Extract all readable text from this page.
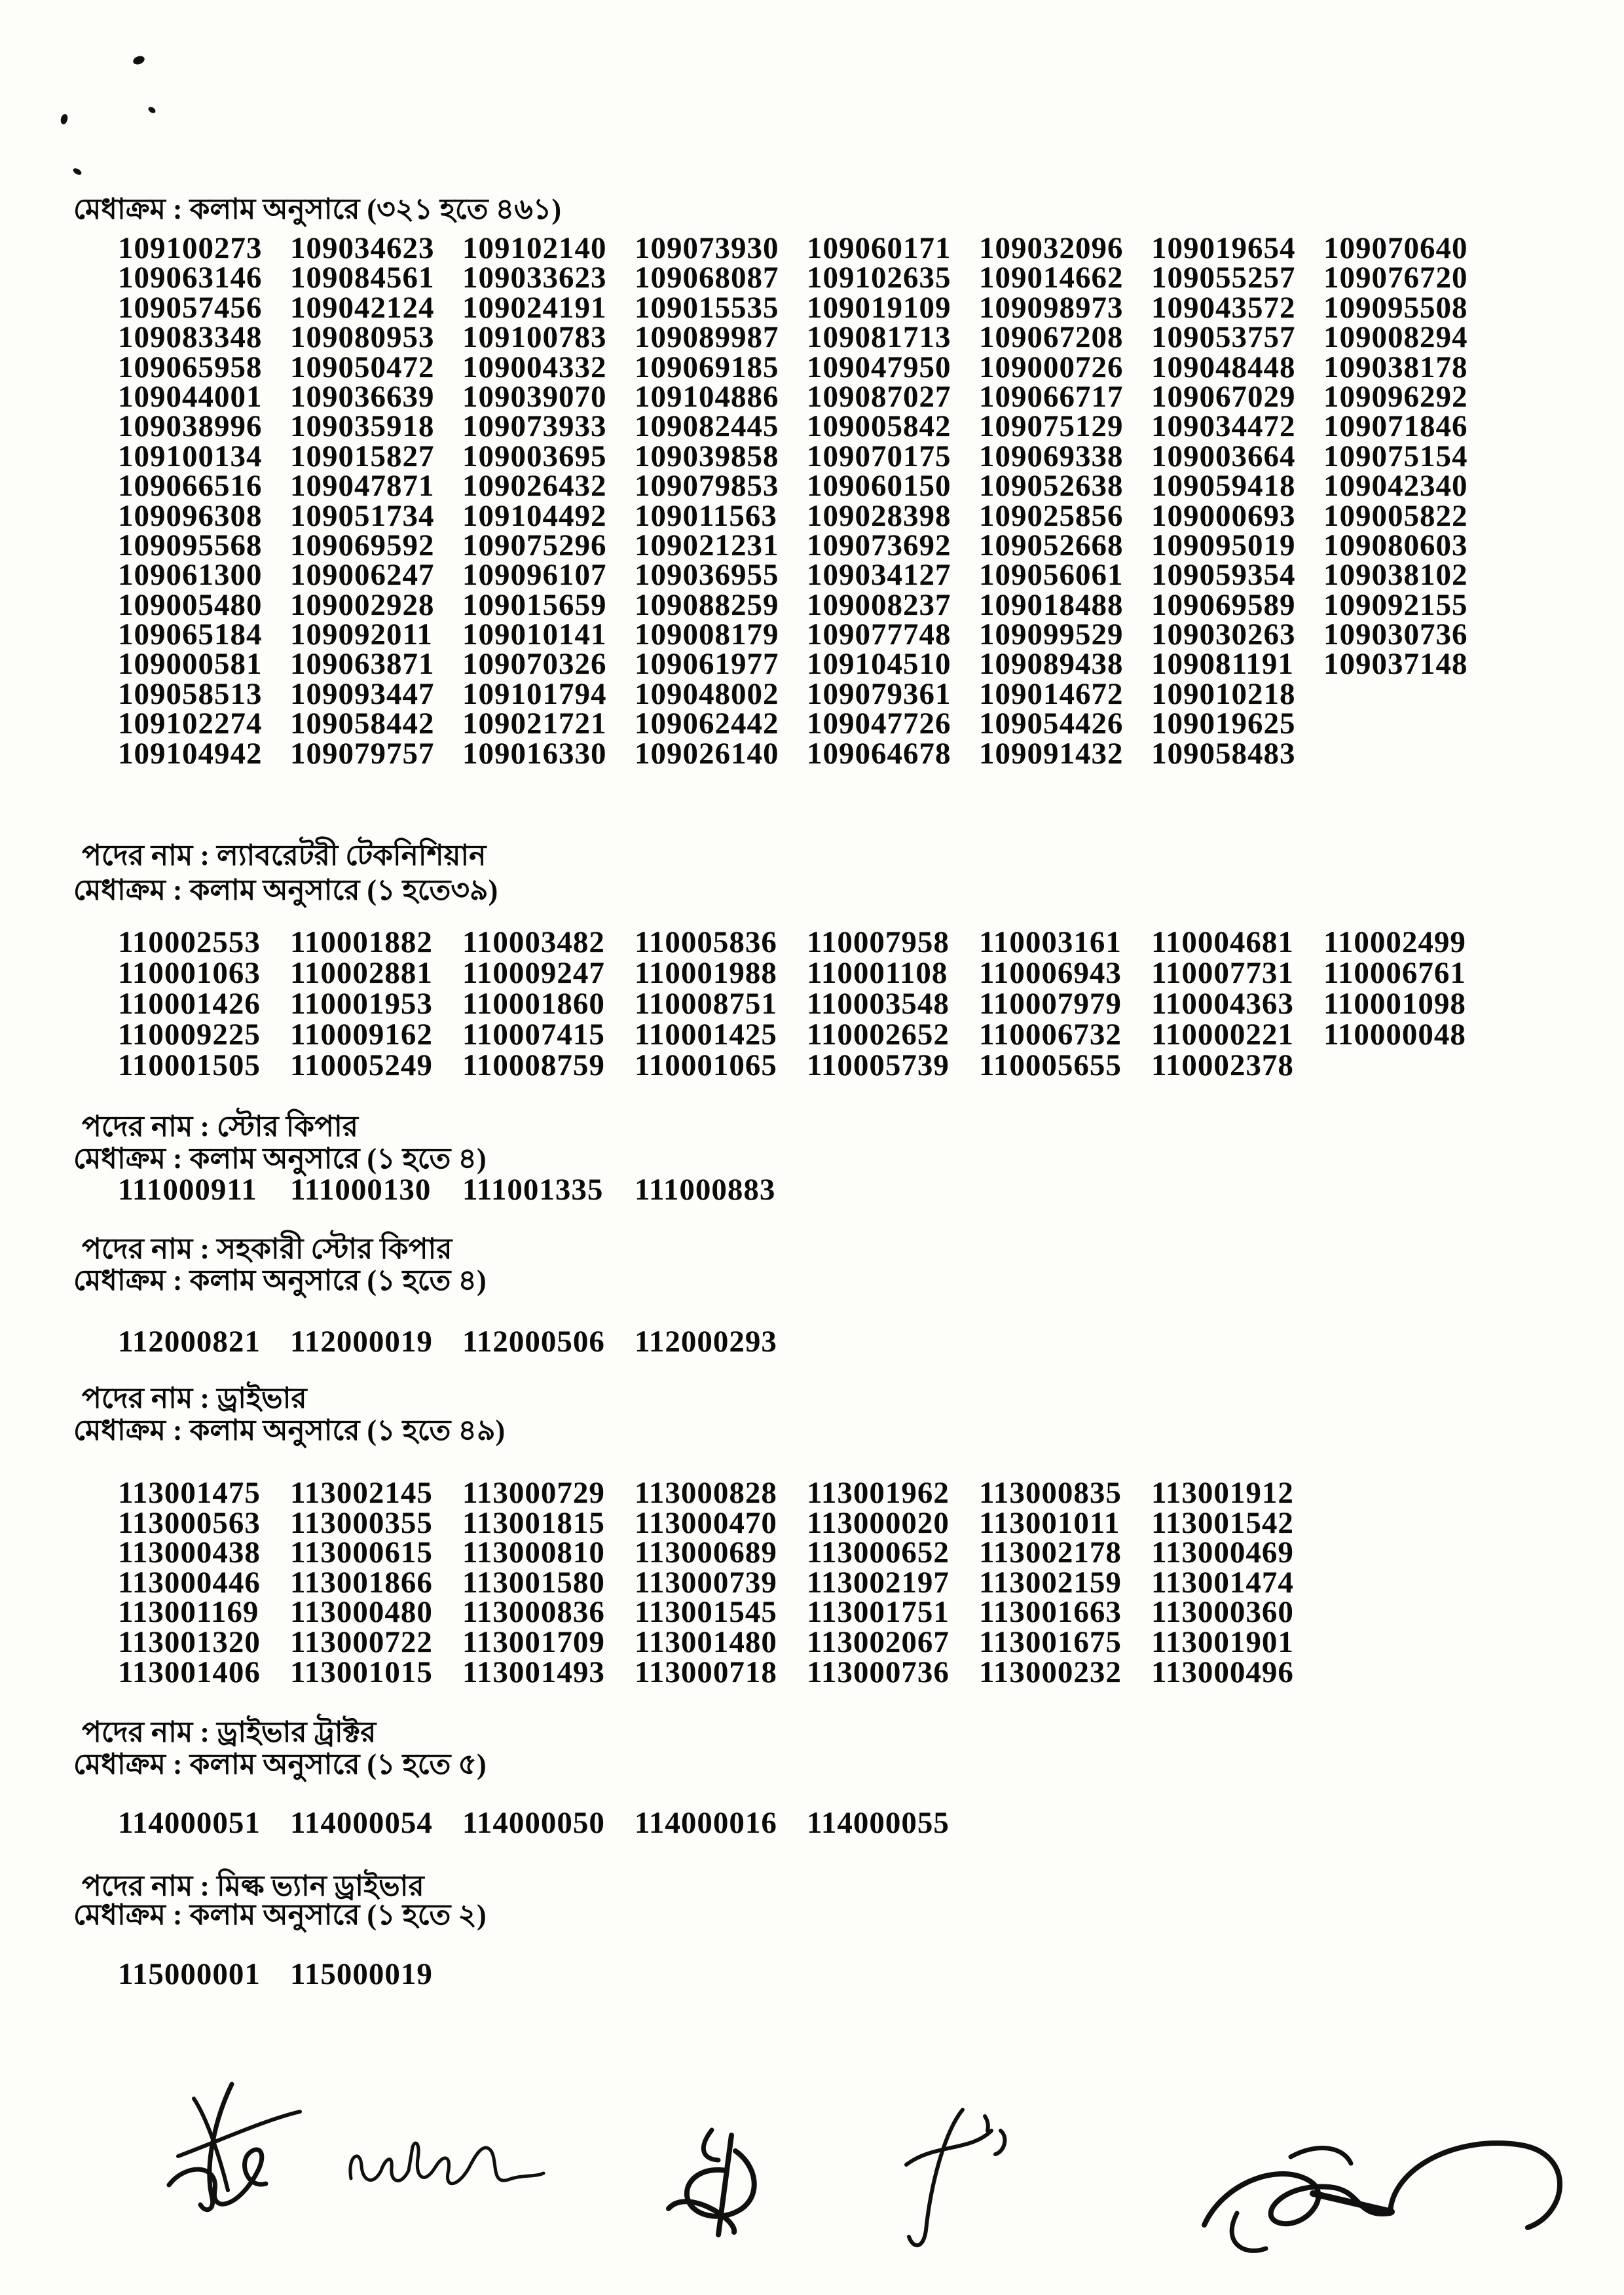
মেধাক্রম : কলাম অনুসারে (৩২১ হতে ৪৬১)
109100273 109034623 109102140 109073930 109060171 109032096 109019654 109070640
109063146 109084561 109033623 109068087 109102635 109014662 109055257 109076720
109057456 109042124 109024191 109015535 109019109 109098973 109043572 109095508
109083348 109080953 109100783 109089987 109081713 109067208 109053757 109008294
109065958 109050472 109004332 109069185 109047950 109000726 109048448 109038178
109044001 109036639 109039070 109104886 109087027 109066717 109067029 109096292
109038996 109035918 109073933 109082445 109005842 109075129 109034472 109071846
109100134 109015827 109003695 109039858 109070175 109069338 109003664 109075154
109066516 109047871 109026432 109079853 109060150 109052638 109059418 109042340
109096308 109051734 109104492 109011563 109028398 109025856 109000693 109005822
109095568 109069592 109075296 109021231 109073692 109052668 109095019 109080603
109061300 109006247 109096107 109036955 109034127 109056061 109059354 109038102
109005480 109002928 109015659 109088259 109008237 109018488 109069589 109092155
109065184 109092011 109010141 109008179 109077748 109099529 109030263 109030736
109000581 109063871 109070326 109061977 109104510 109089438 109081191 109037148
109058513 109093447 109101794 109048002 109079361 109014672 109010218
109102274 109058442 109021721 109062442 109047726 109054426 109019625
109104942 109079757 109016330 109026140 109064678 109091432 109058483
পদের নাম : ল্যাবরেটরী টেকনিশিয়ান
মেধাক্রম : কলাম অনুসারে (১ হতে৩৯)
110002553 110001882 110003482 110005836 110007958 110003161 110004681 110002499
110001063 110002881 110009247 110001988 110001108	110006943 110007731 110006761
110001426 110001953 110001860 110008751 110003548 110007979 110004363 110001098
110009225 110009162 110007415 110001425 110002652 110006732 110000221 110000048
110001505 110005249 110008759 110001065 110005739 110005655 110002378
পদের নাম : স্টোর কিপার
মেধাক্রম : কলাম অনুসারে (১ হতে ৪)
111000911	111000130	111001335	111000883
পদের নাম : সহকারী স্টোর কিপার
মেধাক্রম : কলাম অনুসারে (১ হতে ৪)
112000821 112000019 112000506 112000293
পদের নাম : ড্রাইভার
মেধাক্রম : কলাম অনুসারে (১ হতে ৪৯)
113001475 113002145 113000729 113000828 113001962 113000835 113001912
113000563 113000355 113001815 113000470 113000020 113001011	113001542
113000438 113000615 113000810 113000689 113000652 113002178 113000469
113000446 113001866 113001580 113000739 113002197 113002159 113001474
113001169	113000480 113000836 113001545 113001751 113001663 113000360
113001320 113000722 113001709 113001480 113002067 113001675 113001901
113001406 113001015 113001493 113000718 113000736 113000232 113000496
পদের নাম : ড্রাইভার ট্রাক্টর
মেধাক্রম : কলাম অনুসারে (১ হতে ৫)
114000051 114000054 114000050 114000016 114000055
পদের নাম : মিল্ক ভ্যান ড্রাইভার
মেধাক্রম : কলাম অনুসারে (১ হতে ২)
115000001 115000019
